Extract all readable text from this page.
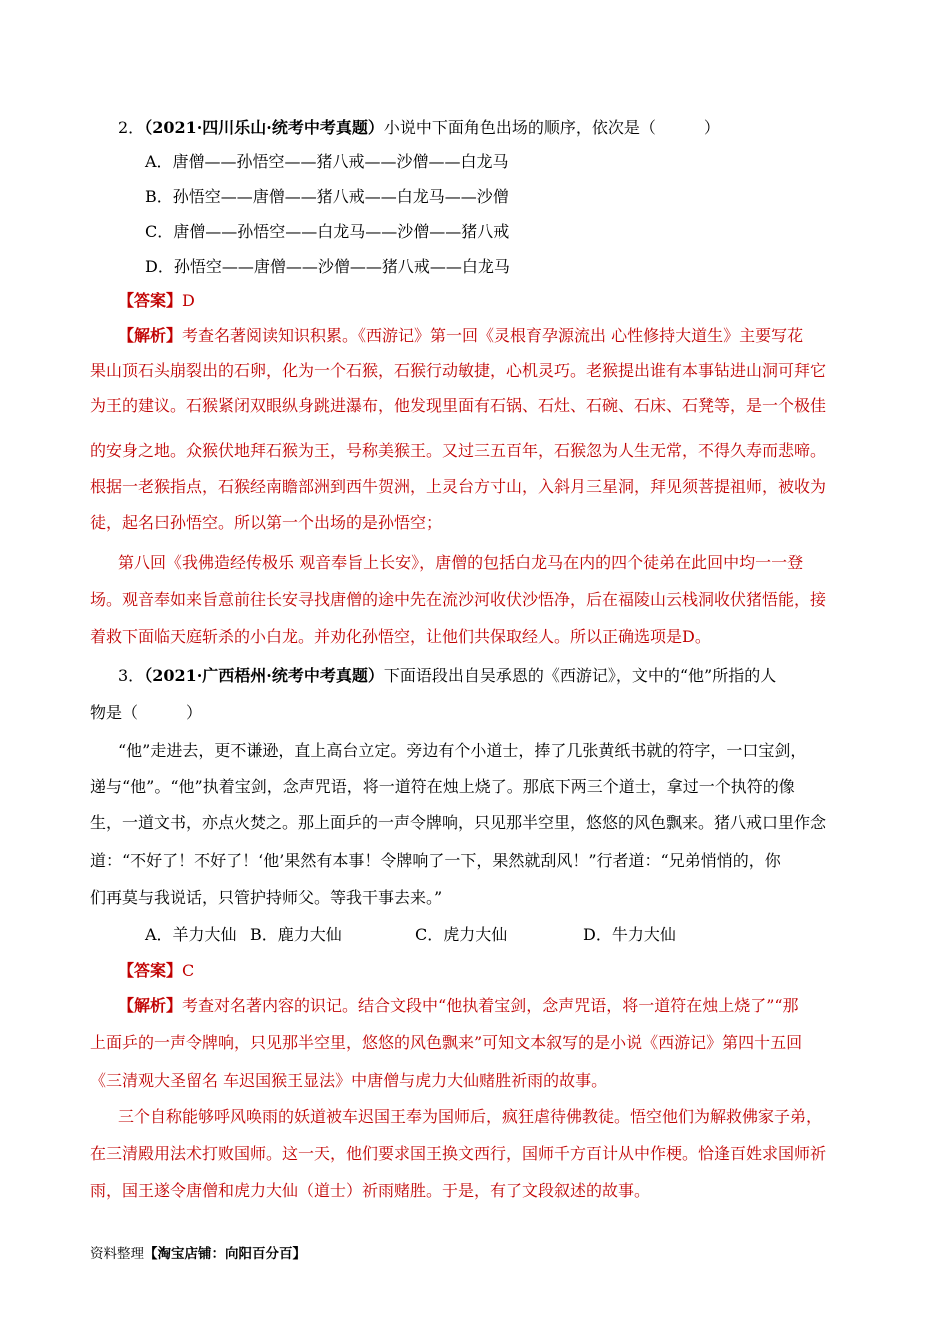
2．（2021·四川乐山·统考中考真题）小说中下面角色出场的顺序，依次是（　　　）
A．唐僧——孙悟空——猪八戒——沙僧——白龙马
B．孙悟空——唐僧——猪八戒——白龙马——沙僧
C．唐僧——孙悟空——白龙马——沙僧——猪八戒
D．孙悟空——唐僧——沙僧——猪八戒——白龙马
【答案】D
【解析】考查名著阅读知识积累。《西游记》第一回《灵根育孕源流出 心性修持大道生》主要写花
果山顶石头崩裂出的石卵，化为一个石猴，石猴行动敏捷，心机灵巧。老猴提出谁有本事钻进山洞可拜它
为王的建议。石猴紧闭双眼纵身跳进瀑布，他发现里面有石锅、石灶、石碗、石床、石凳等，是一个极佳
的安身之地。众猴伏地拜石猴为王，号称美猴王。又过三五百年，石猴忽为人生无常，不得久寿而悲啼。
根据一老猴指点，石猴经南瞻部洲到西牛贺洲，上灵台方寸山，入斜月三星洞，拜见须菩提祖师，被收为
徒，起名曰孙悟空。所以第一个出场的是孙悟空；
第八回《我佛造经传极乐 观音奉旨上长安》，唐僧的包括白龙马在内的四个徒弟在此回中均一一登
场。观音奉如来旨意前往长安寻找唐僧的途中先在流沙河收伏沙悟净，后在福陵山云栈洞收伏猪悟能，接
着救下面临天庭斩杀的小白龙。并劝化孙悟空，让他们共保取经人。所以正确选项是D。
3．（2021·广西梧州·统考中考真题）下面语段出自吴承恩的《西游记》，文中的“他”所指的人
物是（　　　）
“他”走进去，更不谦逊，直上高台立定。旁边有个小道士，捧了几张黄纸书就的符字，一口宝剑，
递与“他”。“他”执着宝剑，念声咒语，将一道符在烛上烧了。那底下两三个道士，拿过一个执符的像
生，一道文书，亦点火焚之。那上面乒的一声令牌响，只见那半空里，悠悠的风色飘来。猪八戒口里作念
道：“不好了！不好了！‘他’果然有本事！令牌响了一下，果然就刮风！”行者道：“兄弟悄悄的，你
们再莫与我说话，只管护持师父。等我干事去来。”
A．羊力大仙 B．鹿力大仙	C．虎力大仙	D．牛力大仙
【答案】C
【解析】考查对名著内容的识记。结合文段中“他执着宝剑，念声咒语，将一道符在烛上烧了”“那
上面乒的一声令牌响，只见那半空里，悠悠的风色飘来”可知文本叙写的是小说《西游记》第四十五回
《三清观大圣留名 车迟国猴王显法》中唐僧与虎力大仙赌胜祈雨的故事。
三个自称能够呼风唤雨的妖道被车迟国王奉为国师后，疯狂虐待佛教徒。悟空他们为解救佛家子弟，
在三清殿用法术打败国师。这一天，他们要求国王换文西行，国师千方百计从中作梗。恰逢百姓求国师祈
雨，国王遂令唐僧和虎力大仙（道士）祈雨赌胜。于是，有了文段叙述的故事。
资料整理【淘宝店铺：向阳百分百】
